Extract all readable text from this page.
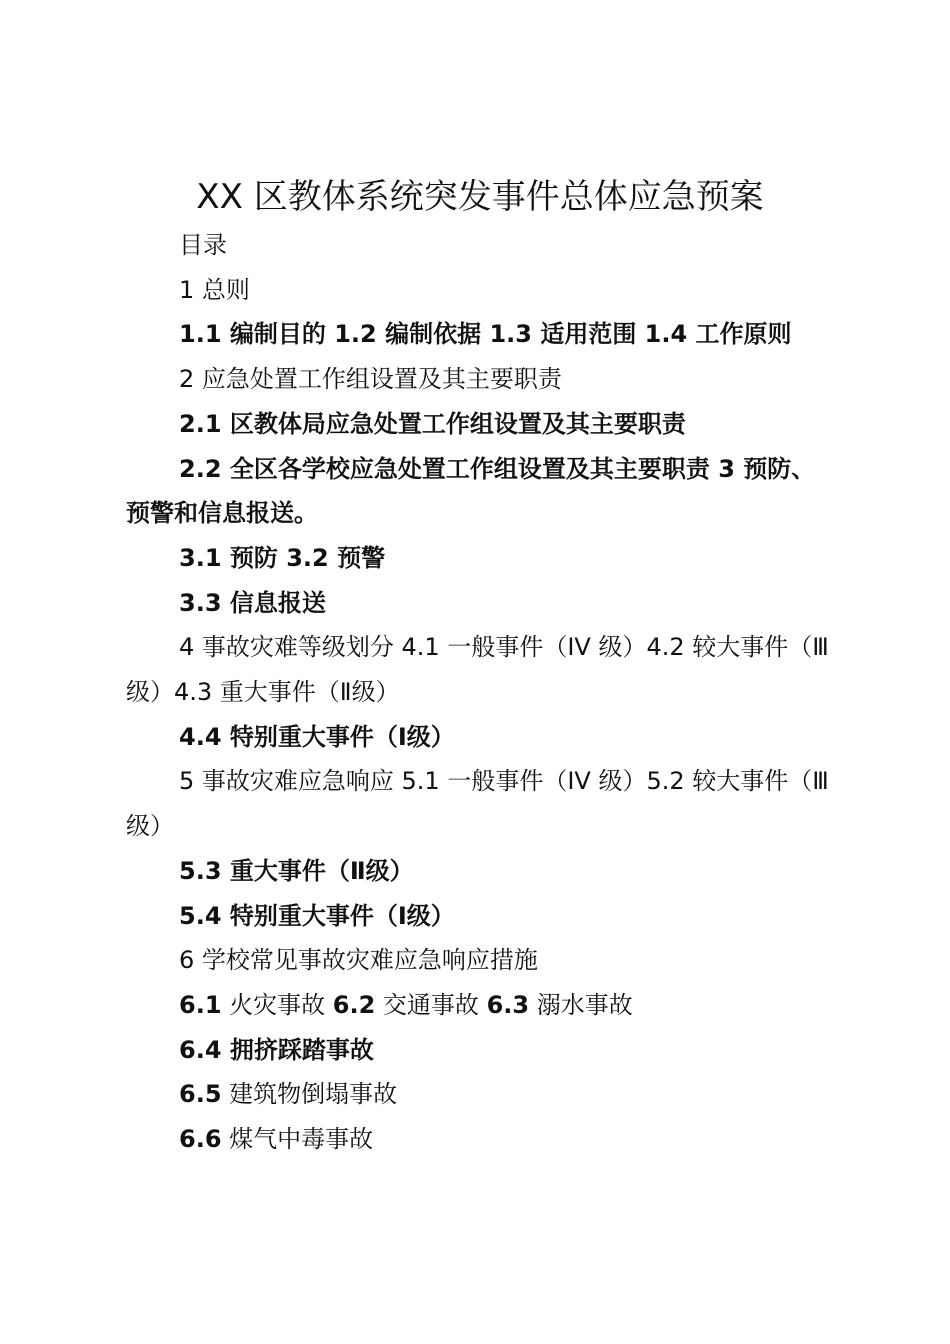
XX 区教体系统突发事件总体应急预案

目录

1 总则

1.1 编制目的 1.2 编制依据 1.3 适用范围 1.4 工作原则

2 应急处置工作组设置及其主要职责

2.1 区教体局应急处置工作组设置及其主要职责

2.2 全区各学校应急处置工作组设置及其主要职责 3 预防、预警和信息报送。

3.1 预防 3.2 预警

3.3 信息报送

4 事故灾难等级划分 4.1 一般事件（IV 级）4.2 较大事件（Ⅲ级）4.3 重大事件（Ⅱ级）

4.4 特别重大事件（Ⅰ级）

5 事故灾难应急响应 5.1 一般事件（IV 级）5.2 较大事件（Ⅲ级）

5.3 重大事件（Ⅱ级）

5.4 特别重大事件（Ⅰ级）

6 学校常见事故灾难应急响应措施

6.1 火灾事故 6.2 交通事故 6.3 溺水事故

6.4 拥挤踩踏事故

6.5 建筑物倒塌事故

6.6 煤气中毒事故
